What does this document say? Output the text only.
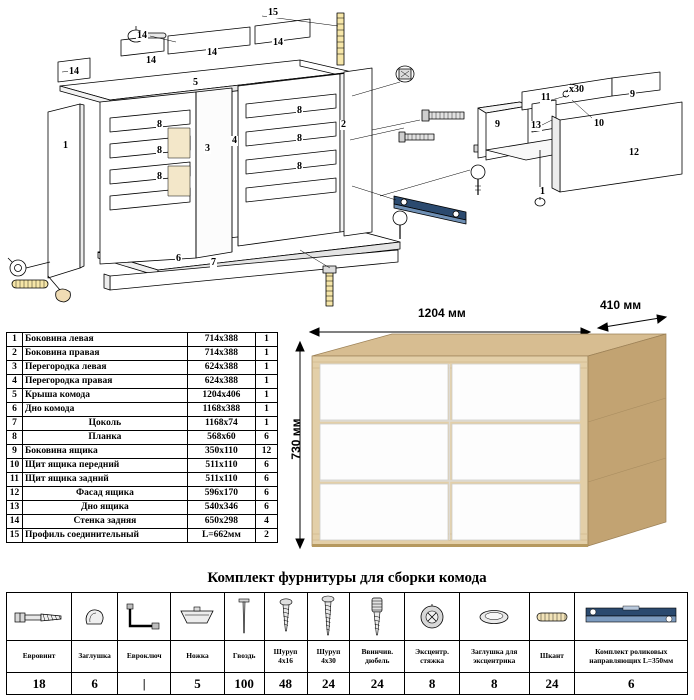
15
14
14
14
14
14
5
8
8
8
3
4
8
8
8
2
1
6	7
9
9
11
13	10
12
1
x30
1	Боковина левая	714х388	1
2	Боковина правая	714х388	1
3	Перегородка левая	624х388	1
4	Перегородка правая	624х388	1
5	Крыша комода	1204х406	1
6	Дно комода	1168х388	1
7	Цоколь	1168х74	1
8	Планка	568х60	6
9	Боковина ящика	350х110	12
10	Щит ящика передний	511х110	6
11	Щит ящика задний	511х110	6
12	Фасад ящика	596х170	6
13	Дно ящика	540х346	6
14	Стенка задняя	650х298	4
15	Профиль соединительный	L=662мм	2
1204 мм
410 мм
730 мм
Комплект фурнитуры для сборки комода

Евровинт	Заглушка	Евроключ	Ножка	Гвоздь	Шуруп 4х16	Шуруп 4х30	Ввинчив. дюбель	Эксцентр. стяжка	Заглушка для эксцентрика	Шкант	Комплект роликовых направляющих L=350мм
18	6	|	5	100	48	24	24	8	8	24	6
